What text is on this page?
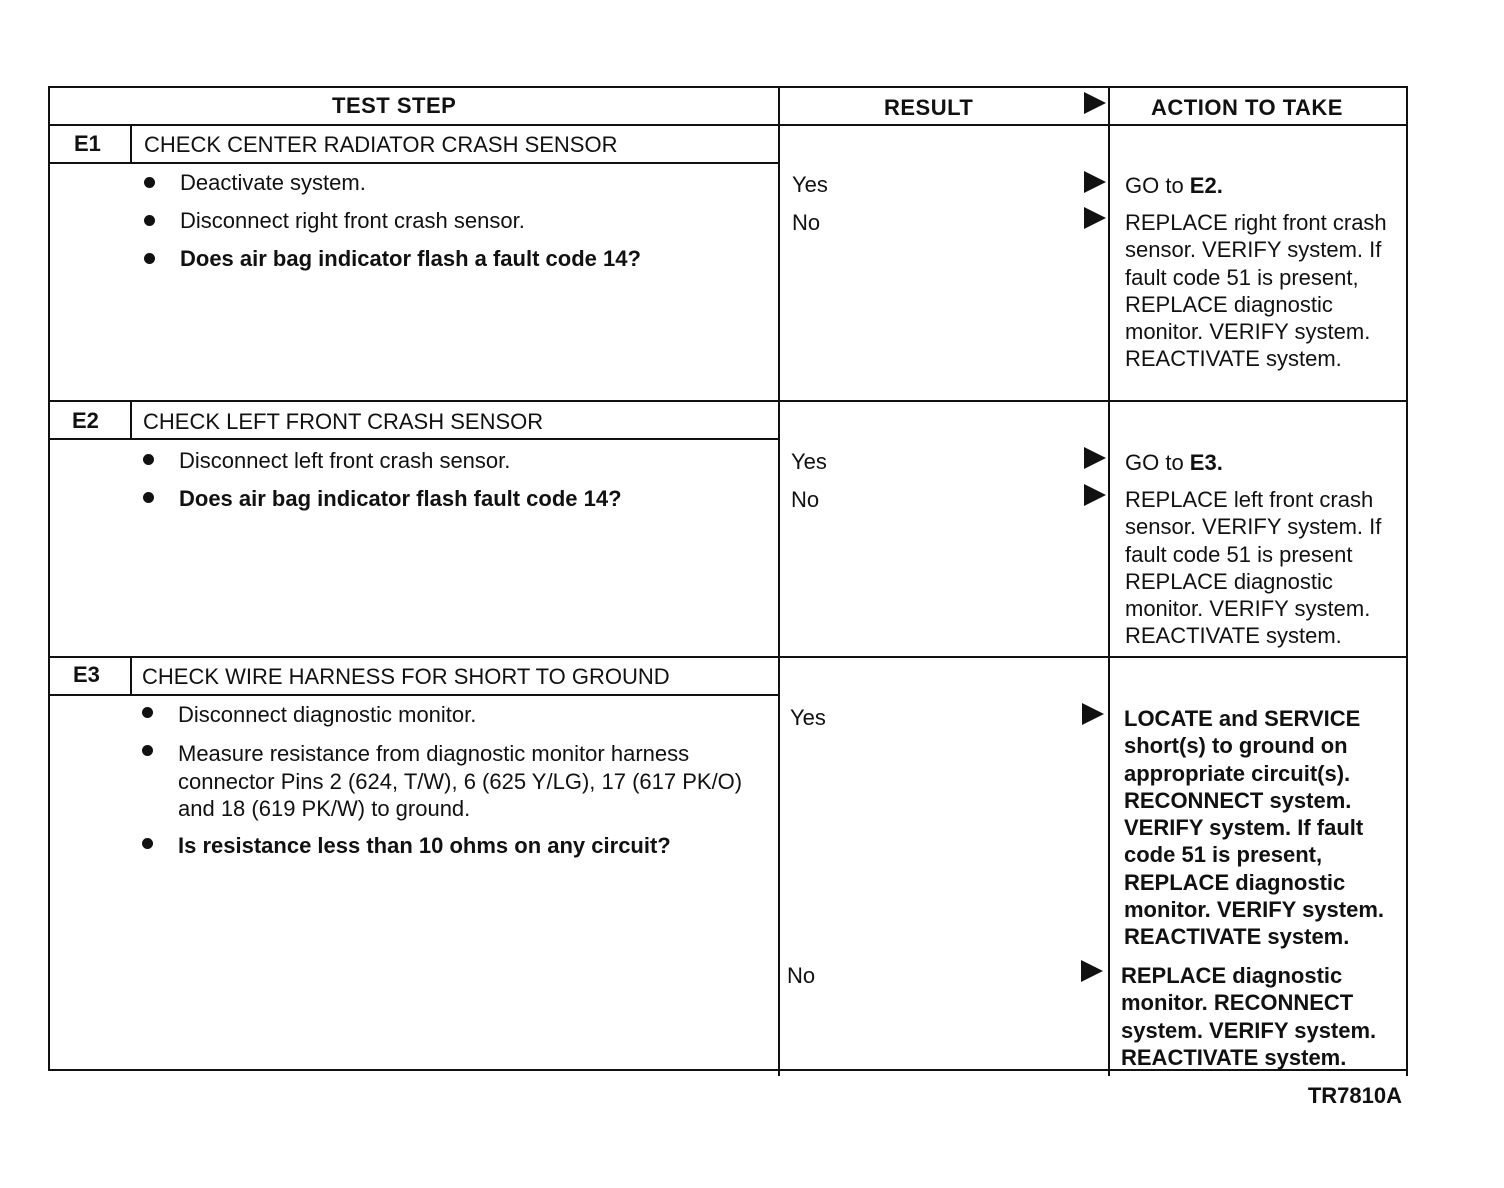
TEST STEP	RESULT	ACTION TO TAKE
E1 CHECK CENTER RADIATOR CRASH SENSOR
Deactivate system.
Disconnect right front crash sensor.
Does air bag indicator flash a fault code 14?
Yes	GO to E2.
No	REPLACE right front crash sensor. VERIFY system. If fault code 51 is present, REPLACE diagnostic monitor. VERIFY system. REACTIVATE system.
E2 CHECK LEFT FRONT CRASH SENSOR
Disconnect left front crash sensor.
Does air bag indicator flash fault code 14?
Yes	GO to E3.
No	REPLACE left front crash sensor. VERIFY system. If fault code 51 is present REPLACE diagnostic monitor. VERIFY system. REACTIVATE system.
E3 CHECK WIRE HARNESS FOR SHORT TO GROUND
Disconnect diagnostic monitor.
Measure resistance from diagnostic monitor harness connector Pins 2 (624, T/W), 6 (625 Y/LG), 17 (617 PK/O) and 18 (619 PK/W) to ground.
Is resistance less than 10 ohms on any circuit?
Yes	LOCATE and SERVICE short(s) to ground on appropriate circuit(s). RECONNECT system. VERIFY system. If fault code 51 is present, REPLACE diagnostic monitor. VERIFY system. REACTIVATE system.
No	REPLACE diagnostic monitor. RECONNECT system. VERIFY system. REACTIVATE system.
TR7810A
